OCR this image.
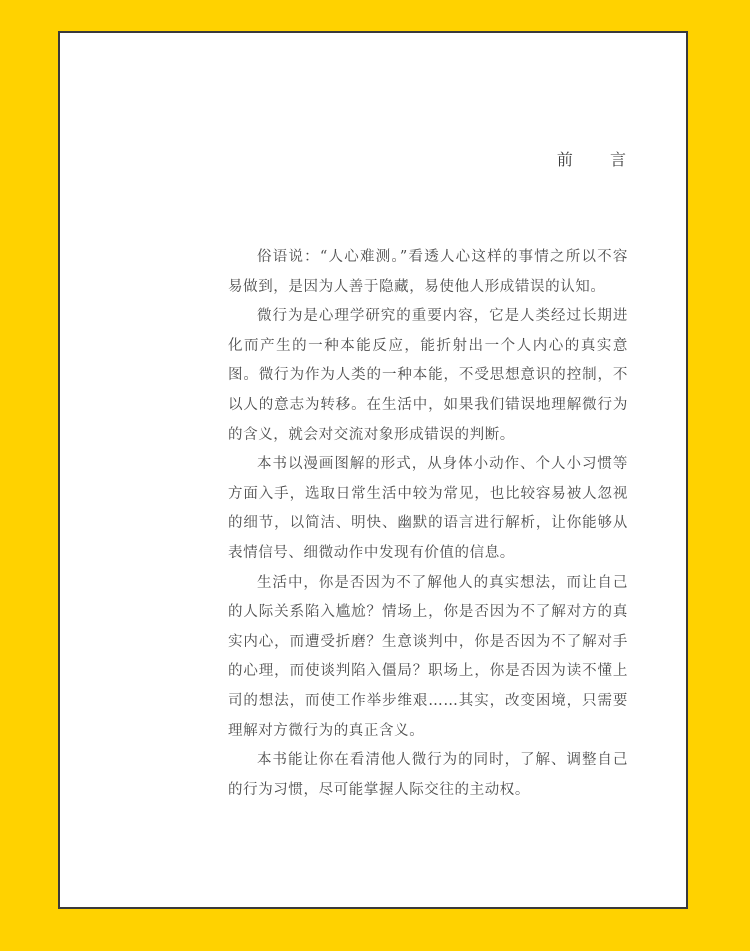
前 言

俗语说：“人心难测。”看透人心这样的事情之所以不容易做到，是因为人善于隐藏，易使他人形成错误的认知。

微行为是心理学研究的重要内容，它是人类经过长期进化而产生的一种本能反应，能折射出一个人内心的真实意图。微行为作为人类的一种本能，不受思想意识的控制，不以人的意志为转移。在生活中，如果我们错误地理解微行为的含义，就会对交流对象形成错误的判断。

本书以漫画图解的形式，从身体小动作、个人小习惯等方面入手，选取日常生活中较为常见，也比较容易被人忽视的细节，以简洁、明快、幽默的语言进行解析，让你能够从表情信号、细微动作中发现有价值的信息。

生活中，你是否因为不了解他人的真实想法，而让自己的人际关系陷入尴尬？情场上，你是否因为不了解对方的真实内心，而遭受折磨？生意谈判中，你是否因为不了解对手的心理，而使谈判陷入僵局？职场上，你是否因为读不懂上司的想法，而使工作举步维艰……其实，改变困境，只需要理解对方微行为的真正含义。

本书能让你在看清他人微行为的同时，了解、调整自己的行为习惯，尽可能掌握人际交往的主动权。
